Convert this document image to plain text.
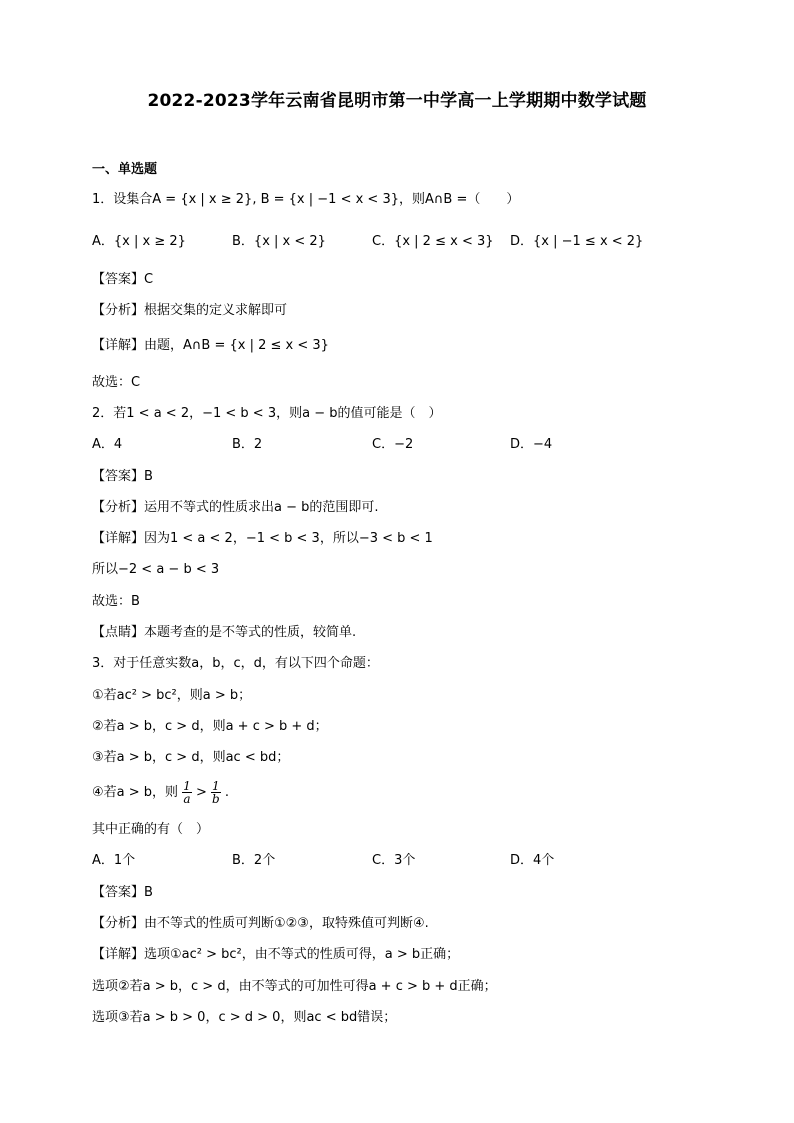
2022-2023学年云南省昆明市第一中学高一上学期期中数学试题
一、单选题
1．设集合A = {x | x ≥ 2}, B = {x | −1 < x < 3}，则A∩B =（　　）
A．{x | x ≥ 2}	B．{x | x < 2}	C．{x | 2 ≤ x < 3} D．{x | −1 ≤ x < 2}
【答案】C
【分析】根据交集的定义求解即可
【详解】由题，A∩B = {x | 2 ≤ x < 3}
故选：C
2．若1 < a < 2，−1 < b < 3，则a − b的值可能是（　）
A．4	B．2	C．−2	D．−4
【答案】B
【分析】运用不等式的性质求出a − b的范围即可.
【详解】因为1 < a < 2，−1 < b < 3，所以−3 < b < 1
所以−2 < a − b < 3
故选：B
【点睛】本题考查的是不等式的性质，较简单.
3．对于任意实数a，b，c，d，有以下四个命题：
①若ac² > bc²，则a > b；
②若a > b，c > d，则a + c > b + d；
③若a > b，c > d，则ac < bd；
④若a > b，则 $\frac{1}{a} > \frac{1}{b}$ .
其中正确的有（　）
A．1个	B．2个	C．3个	D．4个
【答案】B
【分析】由不等式的性质可判断①②③，取特殊值可判断④.
【详解】选项①ac² > bc²，由不等式的性质可得，a > b正确；
选项②若a > b，c > d，由不等式的可加性可得a + c > b + d正确；
选项③若a > b > 0，c > d > 0，则ac < bd错误；
